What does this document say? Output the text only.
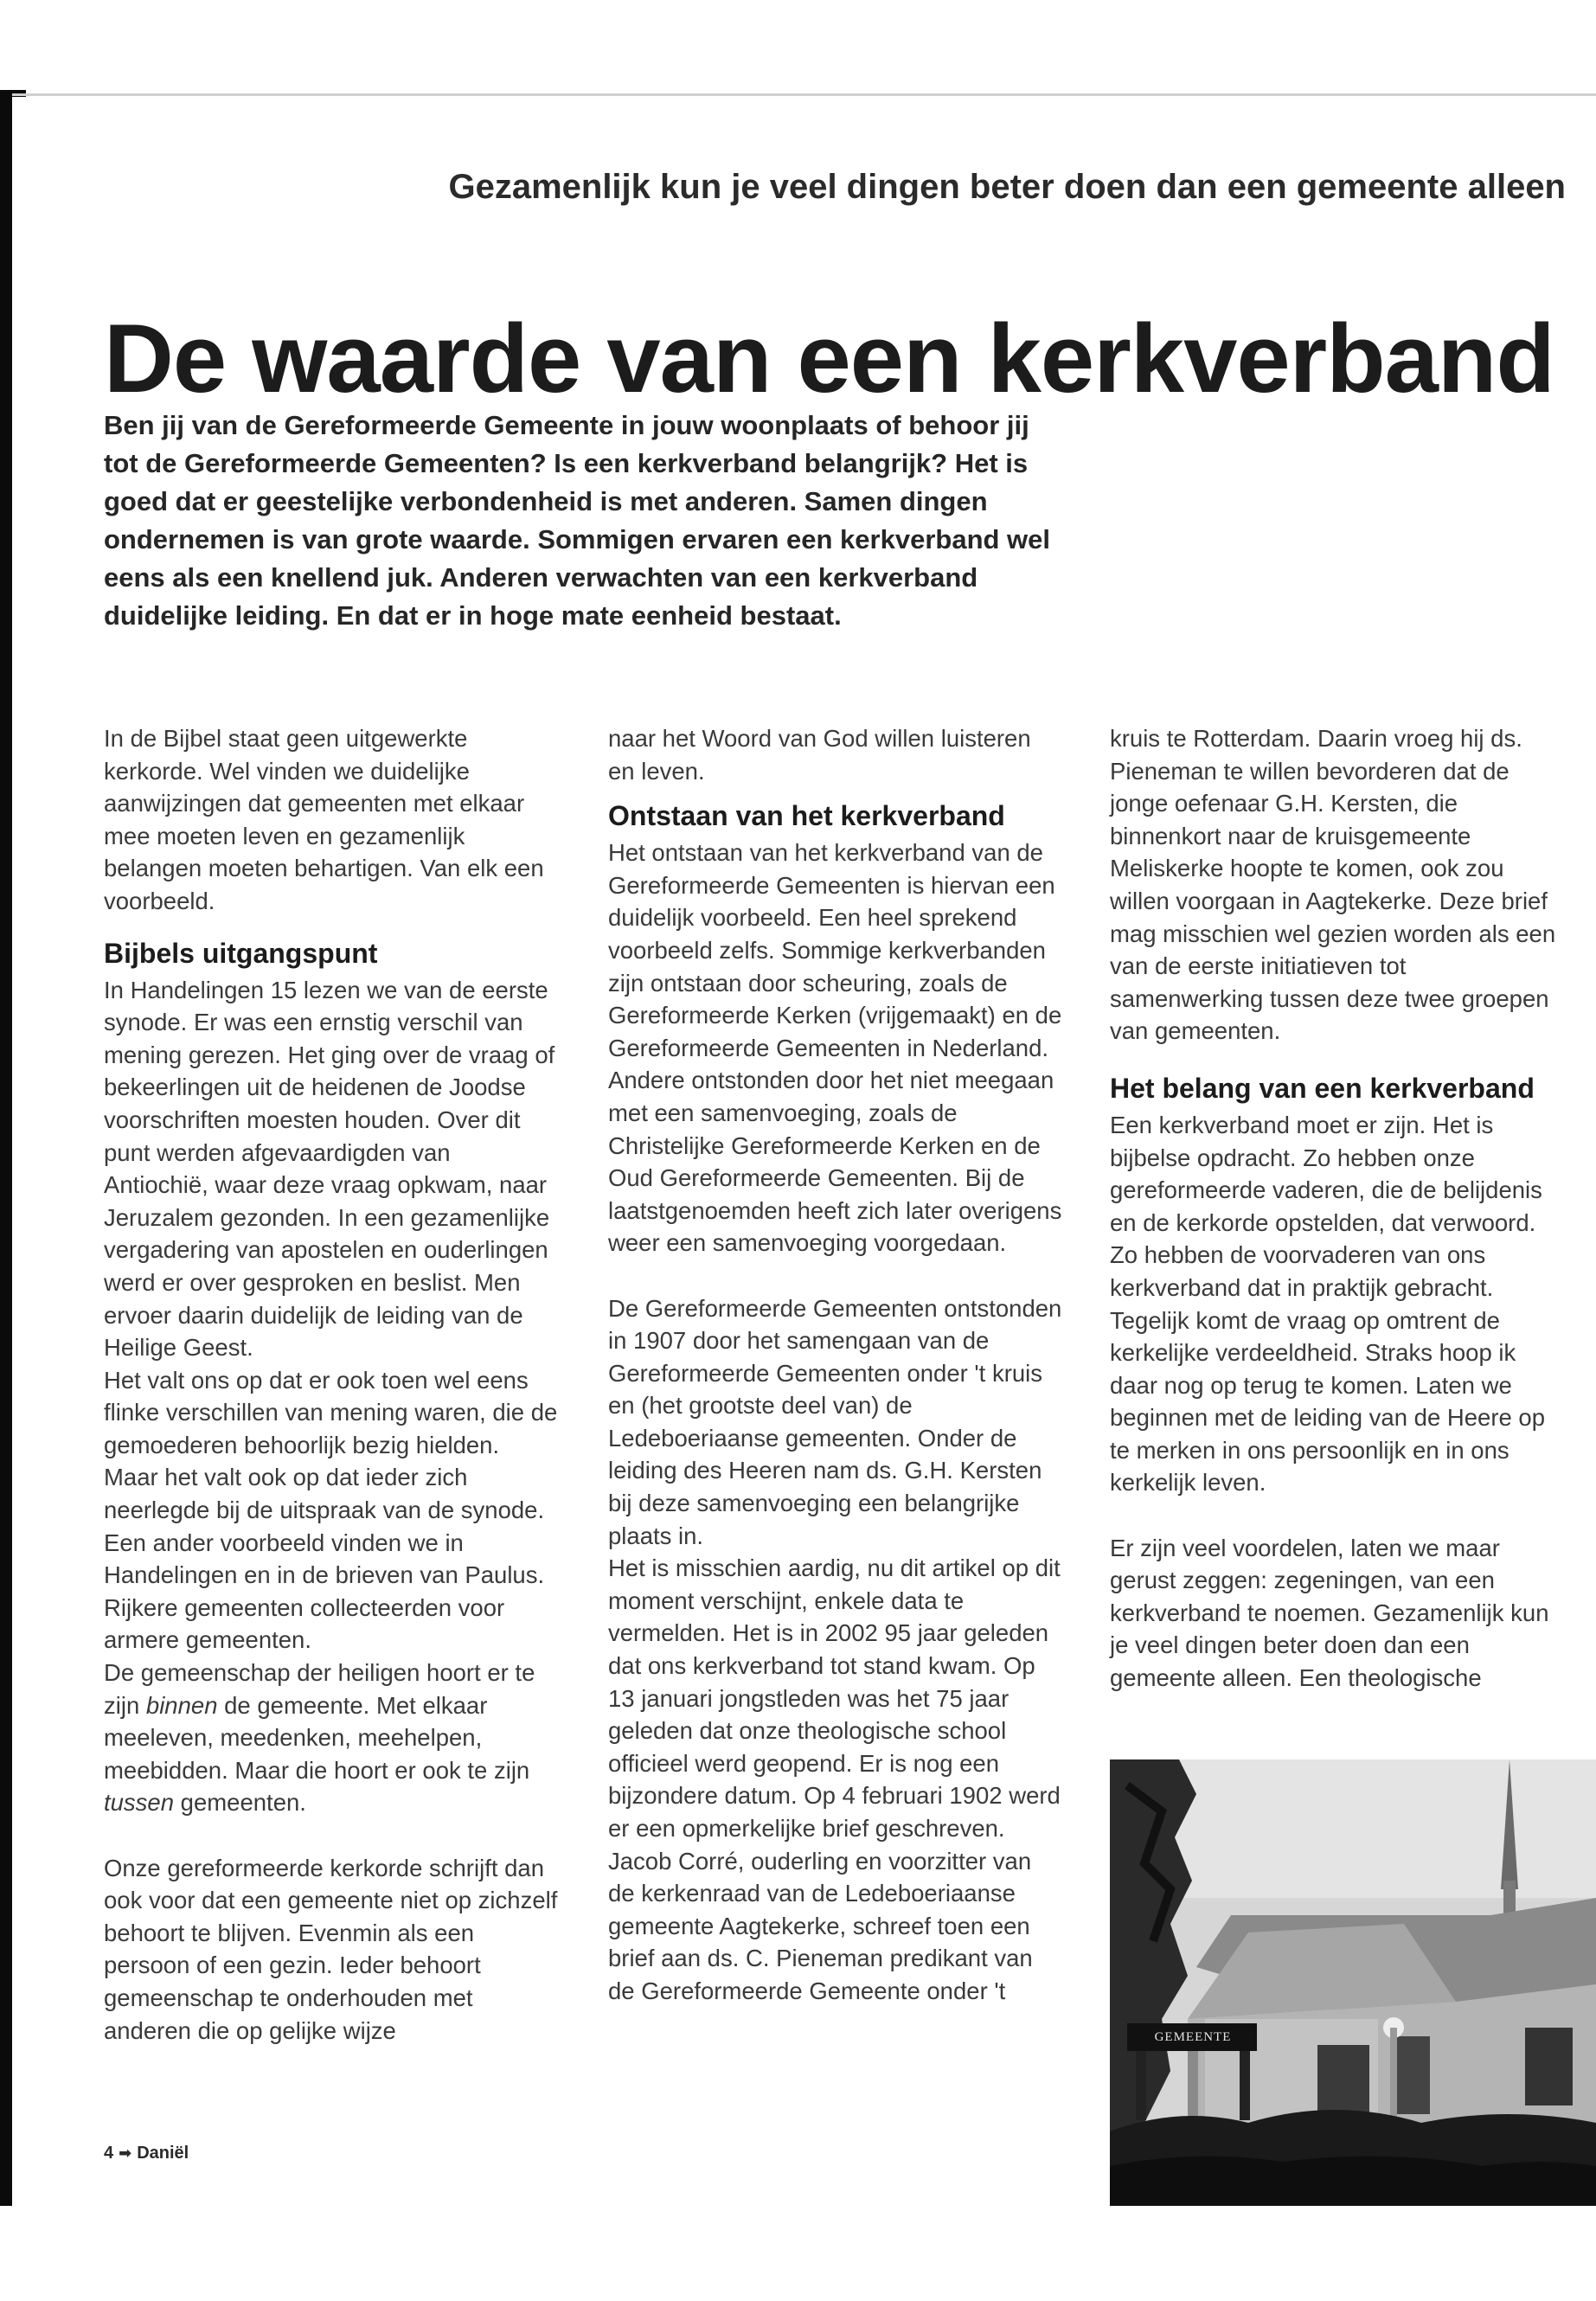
Gezamenlijk kun je veel dingen beter doen dan een gemeente alleen
De waarde van een kerkverband
Ben jij van de Gereformeerde Gemeente in jouw woonplaats of behoor jij tot de Gereformeerde Gemeenten? Is een kerkverband belangrijk? Het is goed dat er geestelijke verbondenheid is met anderen. Samen dingen ondernemen is van grote waarde. Sommigen ervaren een kerkverband wel eens als een knellend juk. Anderen verwachten van een kerkverband duidelijke leiding. En dat er in hoge mate eenheid bestaat.

In de Bijbel staat geen uitgewerkte kerkorde. Wel vinden we duidelijke aanwijzingen dat gemeenten met elkaar mee moeten leven en gezamenlijk belangen moeten behartigen. Van elk een voorbeeld.

Bijbels uitgangspunt

In Handelingen 15 lezen we van de eerste synode. Er was een ernstig verschil van mening gerezen. Het ging over de vraag of bekeerlingen uit de heidenen de Joodse voorschriften moesten houden. Over dit punt werden afgevaardigden van Antiochië, waar deze vraag opkwam, naar Jeruzalem gezonden. In een gezamenlijke vergadering van apostelen en ouderlingen werd er over gesproken en beslist. Men ervoer daarin duidelijk de leiding van de Heilige Geest.

Het valt ons op dat er ook toen wel eens flinke verschillen van mening waren, die de gemoederen behoorlijk bezig hielden. Maar het valt ook op dat ieder zich neerlegde bij de uitspraak van de synode.

Een ander voorbeeld vinden we in Handelingen en in de brieven van Paulus. Rijkere gemeenten collecteerden voor armere gemeenten.

De gemeenschap der heiligen hoort er te zijn binnen de gemeente. Met elkaar meeleven, meedenken, meehelpen, meebidden. Maar die hoort er ook te zijn tussen gemeenten.

Onze gereformeerde kerkorde schrijft dan ook voor dat een gemeente niet op zichzelf behoort te blijven. Evenmin als een persoon of een gezin. Ieder behoort gemeenschap te onderhouden met anderen die op gelijke wijze

naar het Woord van God willen luisteren en leven.

Ontstaan van het kerkverband

Het ontstaan van het kerkverband van de Gereformeerde Gemeenten is hiervan een duidelijk voorbeeld. Een heel sprekend voorbeeld zelfs. Sommige kerkverbanden zijn ontstaan door scheuring, zoals de Gereformeerde Kerken (vrijgemaakt) en de Gereformeerde Gemeenten in Nederland. Andere ontstonden door het niet meegaan met een samenvoeging, zoals de Christelijke Gereformeerde Kerken en de Oud Gereformeerde Gemeenten. Bij de laatstgenoemden heeft zich later overigens weer een samenvoeging voorgedaan.

De Gereformeerde Gemeenten ontstonden in 1907 door het samengaan van de Gereformeerde Gemeenten onder 't kruis en (het grootste deel van) de Ledeboeriaanse gemeenten. Onder de leiding des Heeren nam ds. G.H. Kersten bij deze samenvoeging een belangrijke plaats in.

Het is misschien aardig, nu dit artikel op dit moment verschijnt, enkele data te vermelden. Het is in 2002 95 jaar geleden dat ons kerkverband tot stand kwam. Op 13 januari jongstleden was het 75 jaar geleden dat onze theologische school officieel werd geopend. Er is nog een bijzondere datum. Op 4 februari 1902 werd er een opmerkelijke brief geschreven. Jacob Corré, ouderling en voorzitter van de kerkenraad van de Ledeboeriaanse gemeente Aagtekerke, schreef toen een brief aan ds. C. Pieneman predikant van de Gereformeerde Gemeente onder 't

kruis te Rotterdam. Daarin vroeg hij ds. Pieneman te willen bevorderen dat de jonge oefenaar G.H. Kersten, die binnenkort naar de kruisgemeente Meliskerke hoopte te komen, ook zou willen voorgaan in Aagtekerke. Deze brief mag misschien wel gezien worden als een van de eerste initiatieven tot samenwerking tussen deze twee groepen van gemeenten.

Het belang van een kerkverband

Een kerkverband moet er zijn. Het is bijbelse opdracht. Zo hebben onze gereformeerde vaderen, die de belijdenis en de kerkorde opstelden, dat verwoord. Zo hebben de voorvaderen van ons kerkverband dat in praktijk gebracht. Tegelijk komt de vraag op omtrent de kerkelijke verdeeldheid. Straks hoop ik daar nog op terug te komen. Laten we beginnen met de leiding van de Heere op te merken in ons persoonlijk en in ons kerkelijk leven.

Er zijn veel voordelen, laten we maar gerust zeggen: zegeningen, van een kerkverband te noemen. Gezamenlijk kun je veel dingen beter doen dan een gemeente alleen. Een theologische

GEMEENTE
4 ➡ Daniël
